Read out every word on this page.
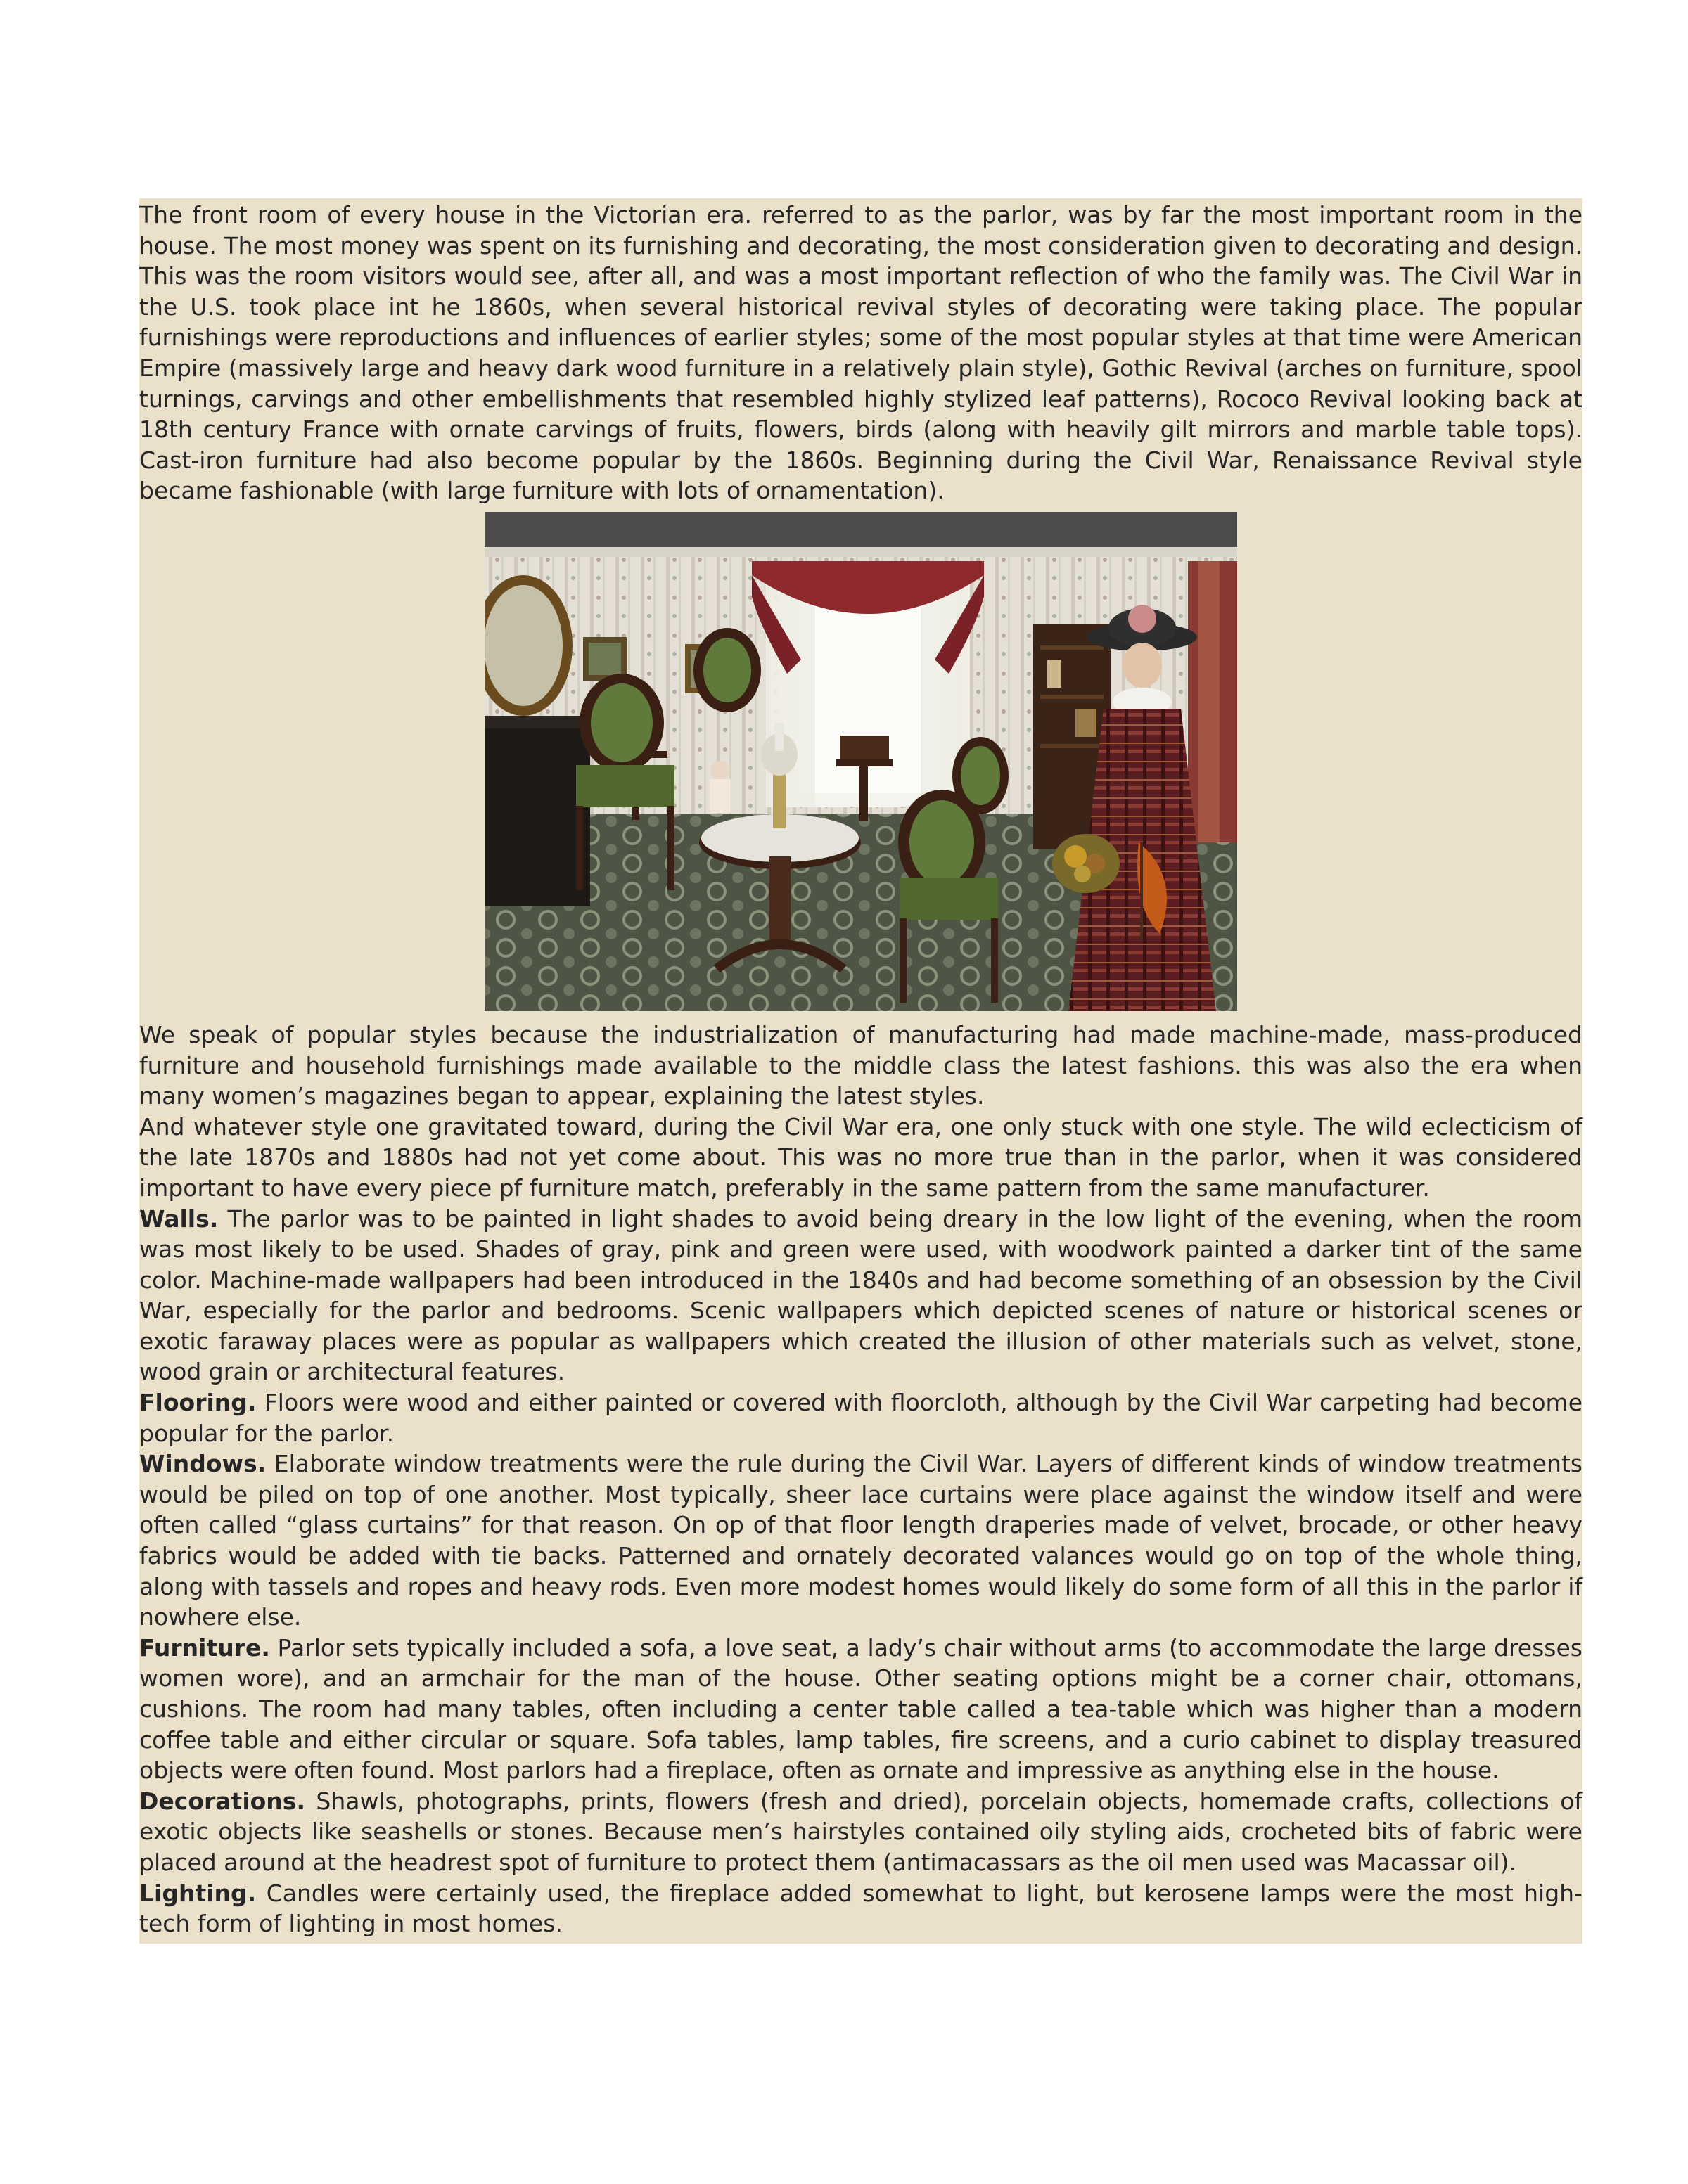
The front room of every house in the Victorian era. referred to as the parlor, was by far the most important room in the house. The most money was spent on its furnishing and decorating, the most consideration given to decorating and design. This was the room visitors would see, after all, and was a most important reflection of who the family was. The Civil War in the U.S. took place int he 1860s, when several historical revival styles of decorating were taking place. The popular furnishings were reproductions and influences of earlier styles; some of the most popular styles at that time were American Empire (massively large and heavy dark wood furniture in a relatively plain style), Gothic Revival (arches on furniture, spool turnings, carvings and other embellishments that resembled highly stylized leaf patterns), Rococo Revival looking back at 18th century France with ornate carvings of fruits, flowers, birds (along with heavily gilt mirrors and marble table tops). Cast-iron furniture had also become popular by the 1860s. Beginning during the Civil War, Renaissance Revival style became fashionable (with large furniture with lots of ornamentation).

We speak of popular styles because the industrialization of manufacturing had made machine-made, mass-produced furniture and household furnishings made available to the middle class the latest fashions. this was also the era when many women’s magazines began to appear, explaining the latest styles.

And whatever style one gravitated toward, during the Civil War era, one only stuck with one style. The wild eclecticism of the late 1870s and 1880s had not yet come about. This was no more true than in the parlor, when it was considered important to have every piece pf furniture match, preferably in the same pattern from the same manufacturer.

Walls. The parlor was to be painted in light shades to avoid being dreary in the low light of the evening, when the room was most likely to be used. Shades of gray, pink and green were used, with woodwork painted a darker tint of the same color. Machine-made wallpapers had been introduced in the 1840s and had become something of an obsession by the Civil War, especially for the parlor and bedrooms. Scenic wallpapers which depicted scenes of nature or historical scenes or exotic faraway places were as popular as wallpapers which created the illusion of other materials such as velvet, stone, wood grain or architectural features.

Flooring. Floors were wood and either painted or covered with floorcloth, although by the Civil War carpeting had become popular for the parlor.

Windows. Elaborate window treatments were the rule during the Civil War. Layers of different kinds of window treatments would be piled on top of one another. Most typically, sheer lace curtains were place against the window itself and were often called “glass curtains” for that reason. On op of that floor length draperies made of velvet, brocade, or other heavy fabrics would be added with tie backs. Patterned and ornately decorated valances would go on top of the whole thing, along with tassels and ropes and heavy rods. Even more modest homes would likely do some form of all this in the parlor if nowhere else.

Furniture. Parlor sets typically included a sofa, a love seat, a lady’s chair without arms (to accommodate the large dresses women wore), and an armchair for the man of the house. Other seating options might be a corner chair, ottomans, cushions. The room had many tables, often including a center table called a tea-table which was higher than a modern coffee table and either circular or square. Sofa tables, lamp tables, fire screens, and a curio cabinet to display treasured objects were often found. Most parlors had a fireplace, often as ornate and impressive as anything else in the house.

Decorations. Shawls, photographs, prints, flowers (fresh and dried), porcelain objects, homemade crafts, collections of exotic objects like seashells or stones. Because men’s hairstyles contained oily styling aids, crocheted bits of fabric were placed around at the headrest spot of furniture to protect them (antimacassars as the oil men used was Macassar oil).

Lighting. Candles were certainly used, the fireplace added somewhat to light, but kerosene lamps were the most high-tech form of lighting in most homes.
